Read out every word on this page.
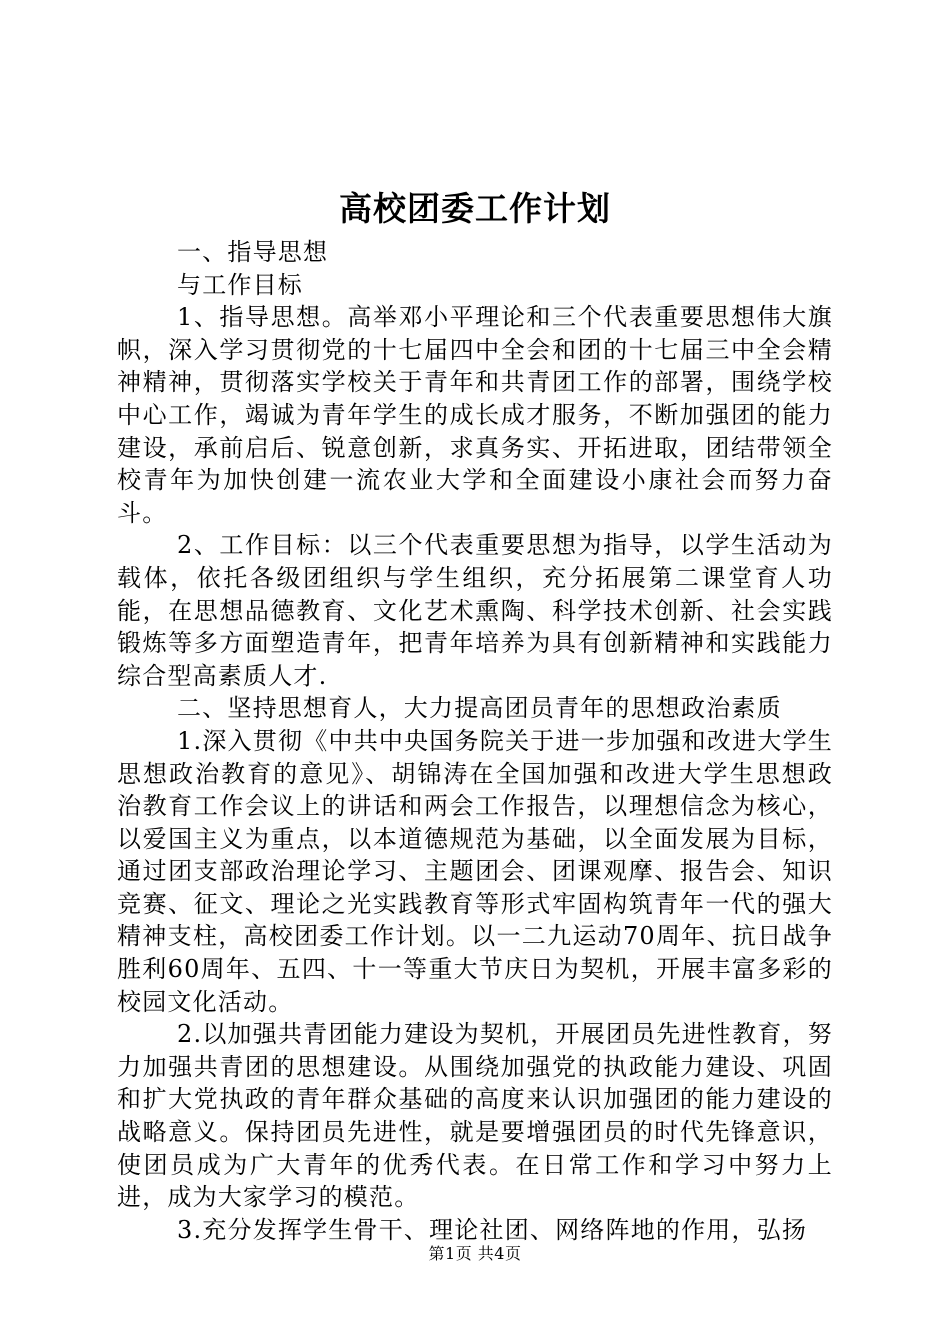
高校团委工作计划

一、指导思想

与工作目标

1、指导思想。高举邓小平理论和三个代表重要思想伟大旗帜，深入学习贯彻党的十七届四中全会和团的十七届三中全会精神精神，贯彻落实学校关于青年和共青团工作的部署，围绕学校中心工作，竭诚为青年学生的成长成才服务，不断加强团的能力建设，承前启后、锐意创新，求真务实、开拓进取，团结带领全校青年为加快创建一流农业大学和全面建设小康社会而努力奋斗。

2、工作目标：以三个代表重要思想为指导，以学生活动为载体，依托各级团组织与学生组织，充分拓展第二课堂育人功能，在思想品德教育、文化艺术熏陶、科学技术创新、社会实践锻炼等多方面塑造青年，把青年培养为具有创新精神和实践能力综合型高素质人才.

二、坚持思想育人，大力提高团员青年的思想政治素质

1.深入贯彻《中共中央国务院关于进一步加强和改进大学生思想政治教育的意见》、胡锦涛在全国加强和改进大学生思想政治教育工作会议上的讲话和两会工作报告，以理想信念为核心，以爱国主义为重点，以本道德规范为基础，以全面发展为目标，通过团支部政治理论学习、主题团会、团课观摩、报告会、知识竞赛、征文、理论之光实践教育等形式牢固构筑青年一代的强大精神支柱，高校团委工作计划。以一二九运动70周年、抗日战争胜利60周年、五四、十一等重大节庆日为契机，开展丰富多彩的校园文化活动。

2.以加强共青团能力建设为契机，开展团员先进性教育，努力加强共青团的思想建设。从围绕加强党的执政能力建设、巩固和扩大党执政的青年群众基础的高度来认识加强团的能力建设的战略意义。保持团员先进性，就是要增强团员的时代先锋意识，使团员成为广大青年的优秀代表。在日常工作和学习中努力上进，成为大家学习的模范。

3.充分发挥学生骨干、理论社团、网络阵地的作用，弘扬

第1页 共4页
